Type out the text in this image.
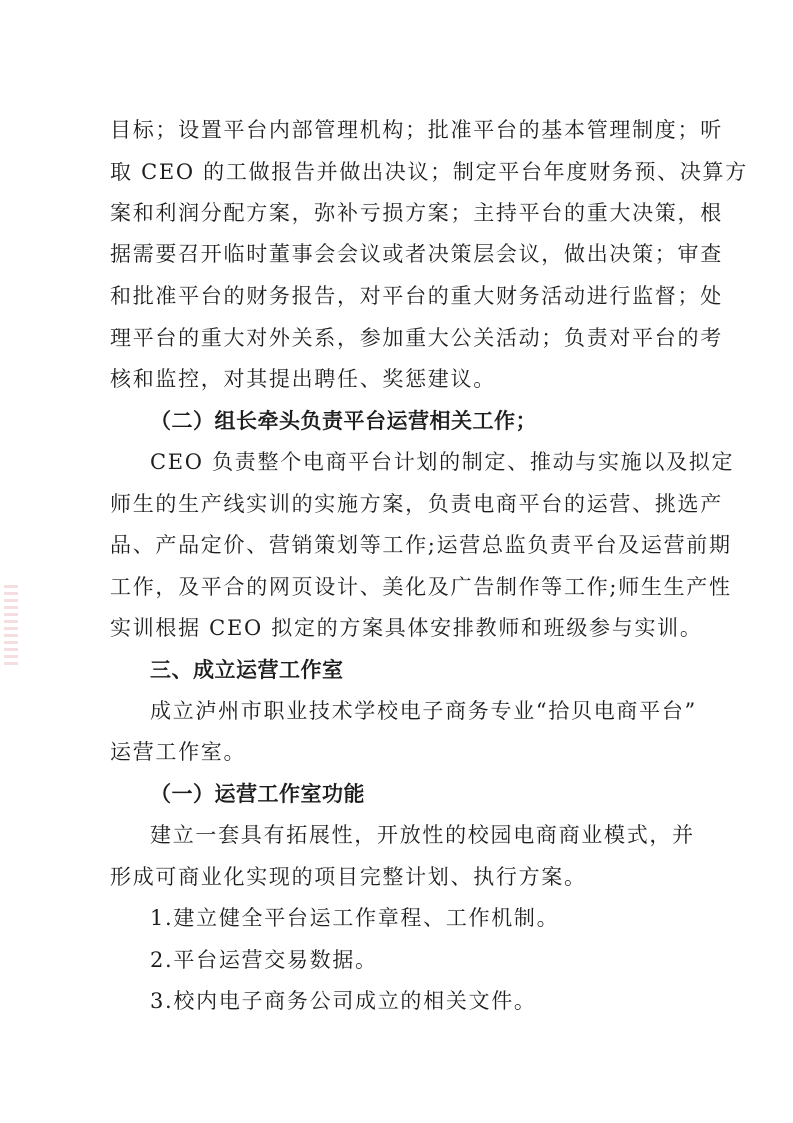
目标；设置平台内部管理机构；批准平台的基本管理制度；听
取 CEO 的工做报告并做出决议；制定平台年度财务预、决算方
案和利润分配方案，弥补亏损方案；主持平台的重大决策，根
据需要召开临时董事会会议或者决策层会议，做出决策；审查
和批准平台的财务报告，对平台的重大财务活动进行监督；处
理平台的重大对外关系，参加重大公关活动；负责对平台的考
核和监控，对其提出聘任、奖惩建议。
（二）组长牵头负责平台运营相关工作；
CEO 负责整个电商平台计划的制定、推动与实施以及拟定
师生的生产线实训的实施方案，负责电商平台的运营、挑选产
品、产品定价、营销策划等工作;运营总监负责平台及运营前期
工作，及平合的网页设计、美化及广告制作等工作;师生生产性
实训根据 CEO 拟定的方案具体安排教师和班级参与实训。
三、成立运营工作室
成立泸州市职业技术学校电子商务专业“拾贝电商平台”
运营工作室。
（一）运营工作室功能
建立一套具有拓展性，开放性的校园电商商业模式，并
形成可商业化实现的项目完整计划、执行方案。
1.建立健全平台运工作章程、工作机制。
2.平台运营交易数据。
3.校内电子商务公司成立的相关文件。
